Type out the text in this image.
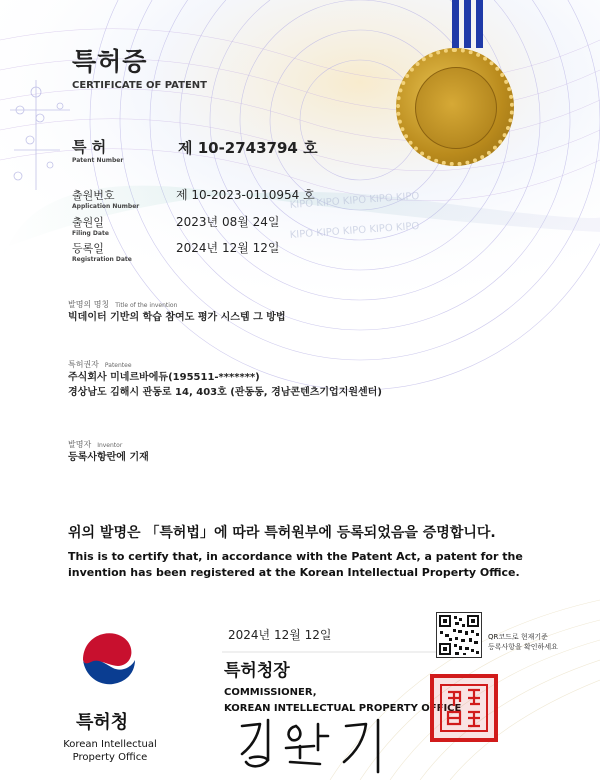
KIPO KIPO KIPO KIPO KIPO
KIPO KIPO KIPO KIPO KIPO
특허증
CERTIFICATE OF PATENT
특 허
Patent Number
제 10-2743794 호
출원번호
Application Number
제 10-2023-0110954 호
출원일
Filing Date
2023년 08월 24일
등록일
Registration Date
2024년 12월 12일
발명의 명칭 Title of the invention
빅데이터 기반의 학습 참여도 평가 시스템 그 방법
특허권자 Patentee
주식회사 미네르바에듀(195511-*******)
경상남도 김해시 관동로 14, 403호 (관동동, 경남콘텐츠기업지원센터)
발명자 Inventor
등록사항란에 기재
위의 발명은 「특허법」에 따라 특허원부에 등록되었음을 증명합니다.
This is to certify that, in accordance with the Patent Act, a patent for the
invention has been registered at the Korean Intellectual Property Office.
특허청
Korean Intellectual
Property Office
2024년 12월 12일
특허청장
COMMISSIONER,
KOREAN INTELLECTUAL PROPERTY OFFICE
QR코드로 현재기준
등록사항을 확인하세요
